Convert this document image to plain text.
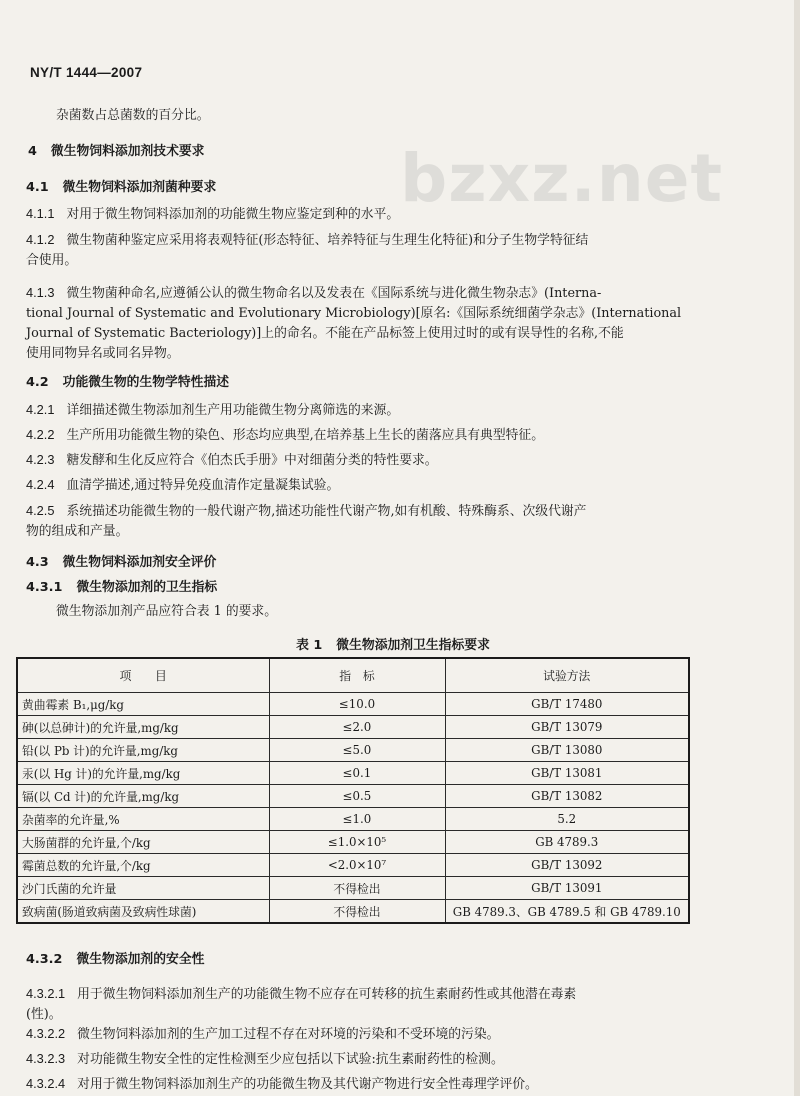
NY/T 1444—2007
bzxz.net
杂菌数占总菌数的百分比。
4 微生物饲料添加剂技术要求
4.1 微生物饲料添加剂菌种要求
4.1.1 对用于微生物饲料添加剂的功能微生物应鉴定到种的水平。
4.1.2 微生物菌种鉴定应采用将表观特征(形态特征、培养特征与生理生化特征)和分子生物学特征结
合使用。
4.1.3 微生物菌种命名,应遵循公认的微生物命名以及发表在《国际系统与进化微生物杂志》(Interna-
tional Journal of Systematic and Evolutionary Microbiology)[原名:《国际系统细菌学杂志》(International
Journal of Systematic Bacteriology)]上的命名。不能在产品标签上使用过时的或有误导性的名称,不能
使用同物异名或同名异物。
4.2 功能微生物的生物学特性描述
4.2.1 详细描述微生物添加剂生产用功能微生物分离筛选的来源。
4.2.2 生产所用功能微生物的染色、形态均应典型,在培养基上生长的菌落应具有典型特征。
4.2.3 糖发酵和生化反应符合《伯杰氏手册》中对细菌分类的特性要求。
4.2.4 血清学描述,通过特异免疫血清作定量凝集试验。
4.2.5 系统描述功能微生物的一般代谢产物,描述功能性代谢产物,如有机酸、特殊酶系、次级代谢产
物的组成和产量。
4.3 微生物饲料添加剂安全评价
4.3.1 微生物添加剂的卫生指标
微生物添加剂产品应符合表 1 的要求。
表 1 微生物添加剂卫生指标要求
项　　目	指　标	试验方法
黄曲霉素 B₁,μg/kg	≤10.0	GB/T 17480
砷(以总砷计)的允许量,mg/kg	≤2.0	GB/T 13079
铅(以 Pb 计)的允许量,mg/kg	≤5.0	GB/T 13080
汞(以 Hg 计)的允许量,mg/kg	≤0.1	GB/T 13081
镉(以 Cd 计)的允许量,mg/kg	≤0.5	GB/T 13082
杂菌率的允许量,%	≤1.0	5.2
大肠菌群的允许量,个/kg	≤1.0×10⁵	GB 4789.3
霉菌总数的允许量,个/kg	<2.0×10⁷	GB/T 13092
沙门氏菌的允许量	不得检出	GB/T 13091
致病菌(肠道致病菌及致病性球菌)	不得检出	GB 4789.3、GB 4789.5 和 GB 4789.10
4.3.2 微生物添加剂的安全性
4.3.2.1 用于微生物饲料添加剂生产的功能微生物不应存在可转移的抗生素耐药性或其他潜在毒素
(性)。
4.3.2.2 微生物饲料添加剂的生产加工过程不存在对环境的污染和不受环境的污染。
4.3.2.3 对功能微生物安全性的定性检测至少应包括以下试验:抗生素耐药性的检测。
4.3.2.4 对用于微生物饲料添加剂生产的功能微生物及其代谢产物进行安全性毒理学评价。
